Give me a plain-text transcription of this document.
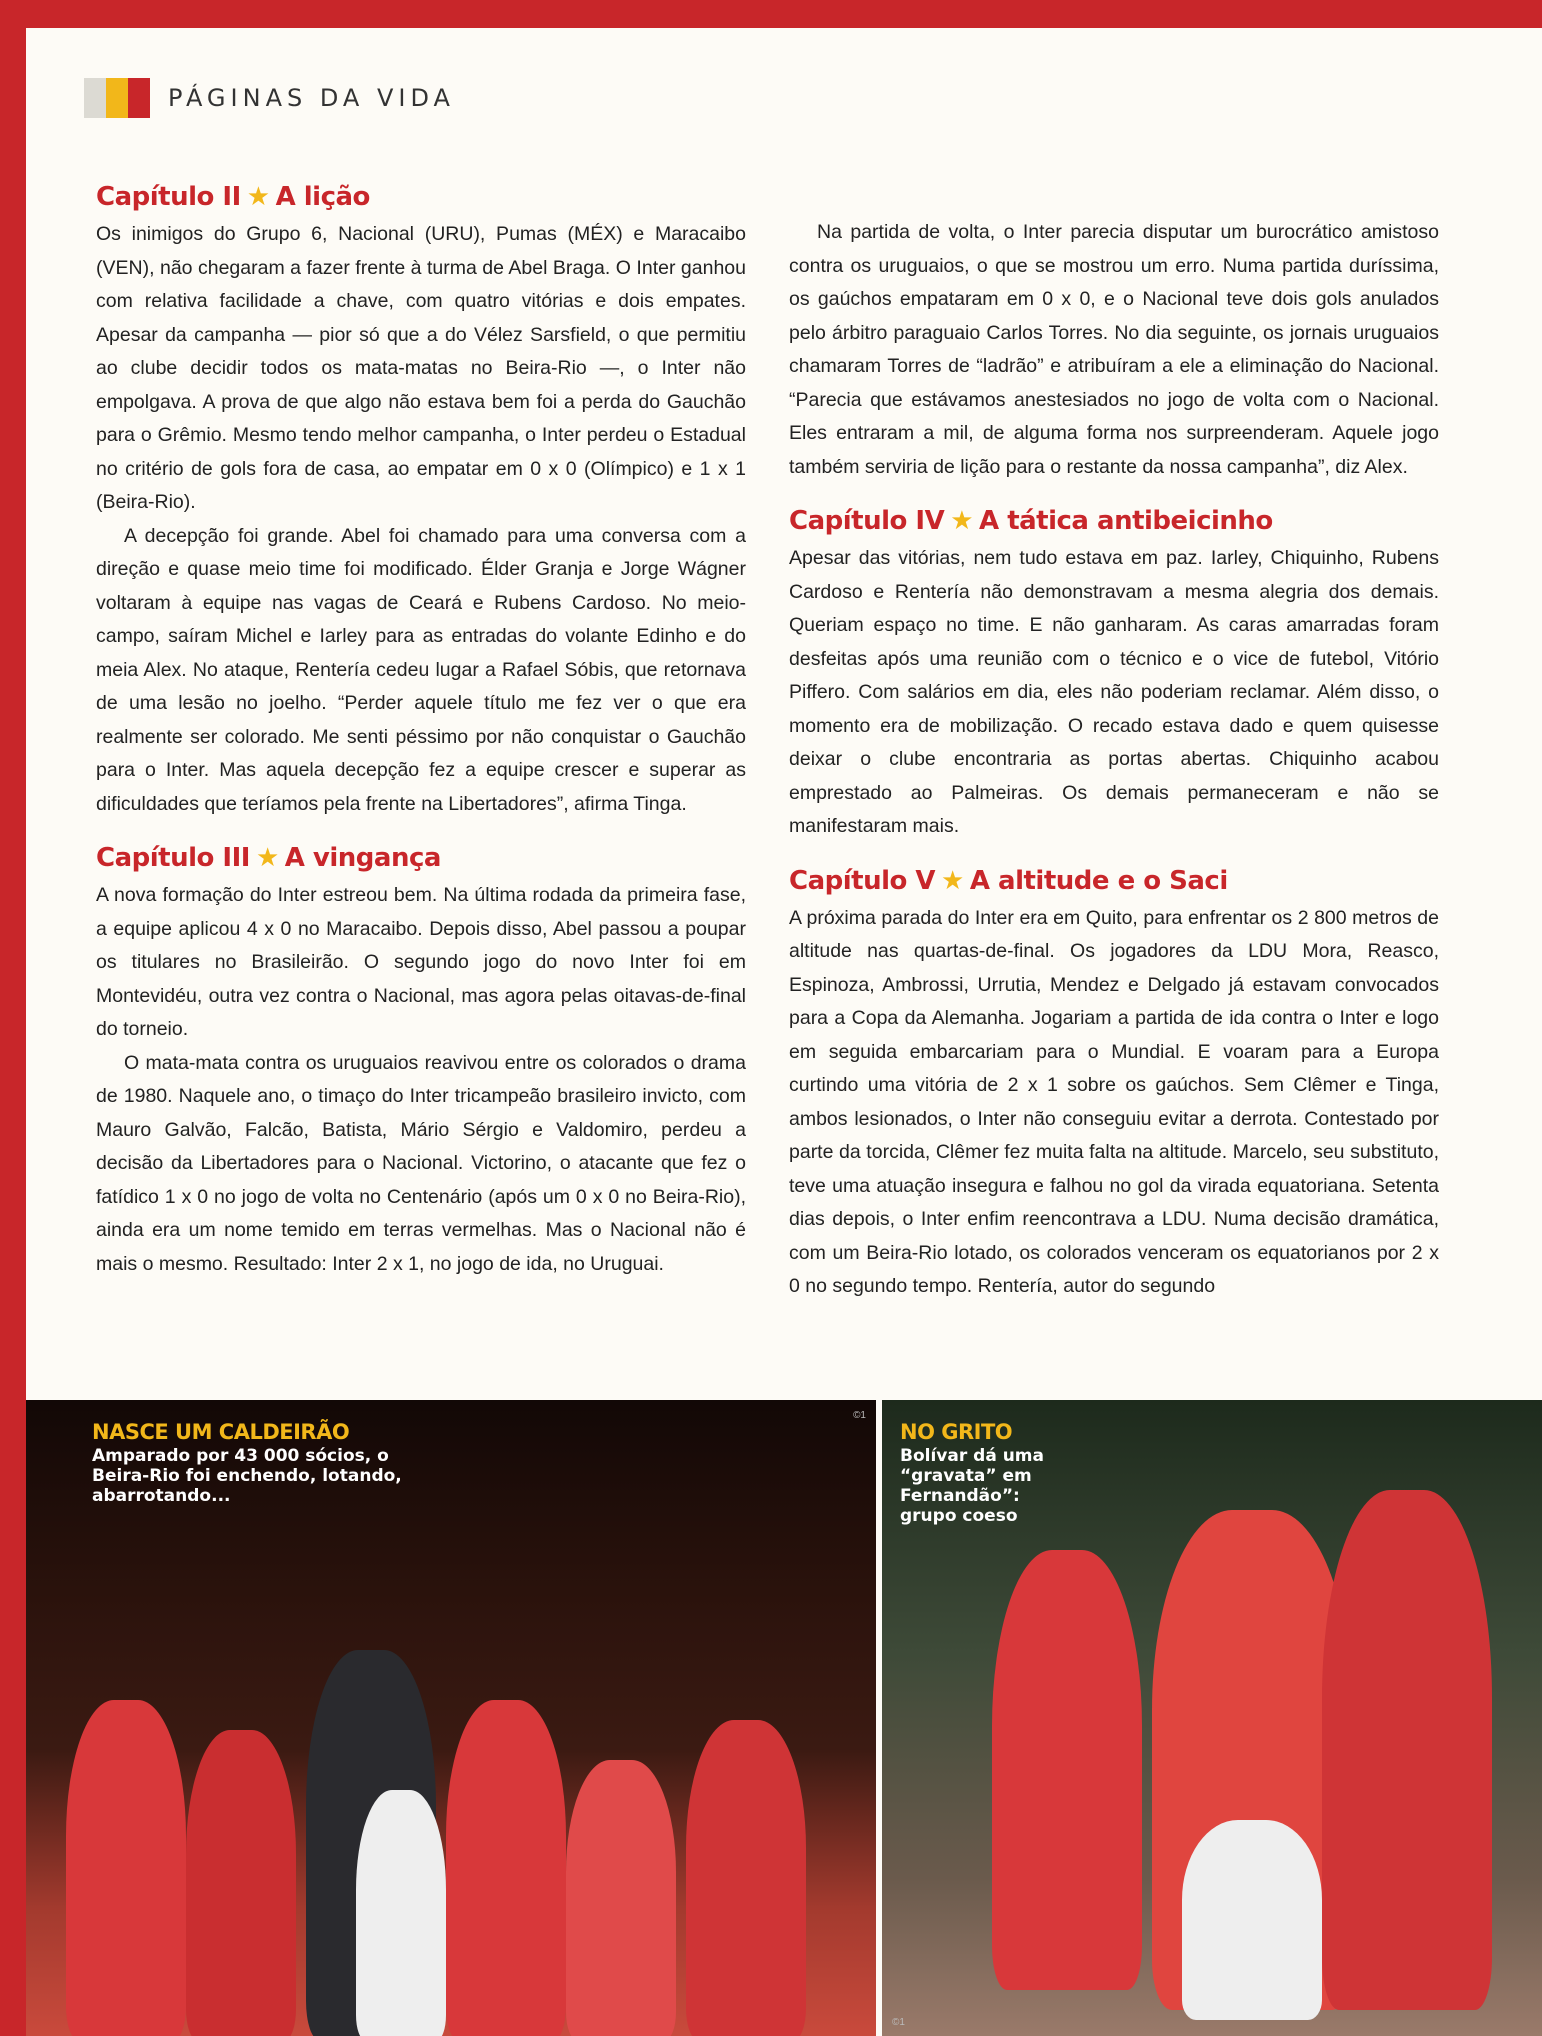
PÁGINAS DA VIDA
Capítulo II ★ A lição

Os inimigos do Grupo 6, Nacional (URU), Pumas (MÉX) e Maracaibo (VEN), não chegaram a fazer frente à turma de Abel Braga. O Inter ganhou com relativa facilidade a chave, com quatro vitórias e dois empates. Apesar da campanha — pior só que a do Vélez Sarsfield, o que permitiu ao clube decidir todos os mata-matas no Beira-Rio —, o Inter não empolgava. A prova de que algo não estava bem foi a perda do Gauchão para o Grêmio. Mesmo tendo melhor campanha, o Inter perdeu o Estadual no critério de gols fora de casa, ao empatar em 0 x 0 (Olímpico) e 1 x 1 (Beira-Rio).

A decepção foi grande. Abel foi chamado para uma conversa com a direção e quase meio time foi modificado. Élder Granja e Jorge Wágner voltaram à equipe nas vagas de Ceará e Rubens Cardoso. No meio-campo, saíram Michel e Iarley para as entradas do volante Edinho e do meia Alex. No ataque, Rentería cedeu lugar a Rafael Sóbis, que retornava de uma lesão no joelho. “Perder aquele título me fez ver o que era realmente ser colorado. Me senti péssimo por não conquistar o Gauchão para o Inter. Mas aquela decepção fez a equipe crescer e superar as dificuldades que teríamos pela frente na Libertadores”, afirma Tinga.

Capítulo III ★ A vingança

A nova formação do Inter estreou bem. Na última rodada da primeira fase, a equipe aplicou 4 x 0 no Maracaibo. Depois disso, Abel passou a poupar os titulares no Brasileirão. O segundo jogo do novo Inter foi em Montevidéu, outra vez contra o Nacional, mas agora pelas oitavas-de-final do torneio.

O mata-mata contra os uruguaios reavivou entre os colorados o drama de 1980. Naquele ano, o timaço do Inter tricampeão brasileiro invicto, com Mauro Galvão, Falcão, Batista, Mário Sérgio e Valdomiro, perdeu a decisão da Libertadores para o Nacional. Victorino, o atacante que fez o fatídico 1 x 0 no jogo de volta no Centenário (após um 0 x 0 no Beira-Rio), ainda era um nome temido em terras vermelhas. Mas o Nacional não é mais o mesmo. Resultado: Inter 2 x 1, no jogo de ida, no Uruguai.

Na partida de volta, o Inter parecia disputar um burocrático amistoso contra os uruguaios, o que se mostrou um erro. Numa partida duríssima, os gaúchos empataram em 0 x 0, e o Nacional teve dois gols anulados pelo árbitro paraguaio Carlos Torres. No dia seguinte, os jornais uruguaios chamaram Torres de “ladrão” e atribuíram a ele a eliminação do Nacional. “Parecia que estávamos anestesiados no jogo de volta com o Nacional. Eles entraram a mil, de alguma forma nos surpreenderam. Aquele jogo também serviria de lição para o restante da nossa campanha”, diz Alex.

Capítulo IV ★ A tática antibeicinho

Apesar das vitórias, nem tudo estava em paz. Iarley, Chiquinho, Rubens Cardoso e Rentería não demonstravam a mesma alegria dos demais. Queriam espaço no time. E não ganharam. As caras amarradas foram desfeitas após uma reunião com o técnico e o vice de futebol, Vitório Piffero. Com salários em dia, eles não poderiam reclamar. Além disso, o momento era de mobilização. O recado estava dado e quem quisesse deixar o clube encontraria as portas abertas. Chiquinho acabou emprestado ao Palmeiras. Os demais permaneceram e não se manifestaram mais.

Capítulo V ★ A altitude e o Saci

A próxima parada do Inter era em Quito, para enfrentar os 2 800 metros de altitude nas quartas-de-final. Os jogadores da LDU Mora, Reasco, Espinoza, Ambrossi, Urrutia, Mendez e Delgado já estavam convocados para a Copa da Alemanha. Jogariam a partida de ida contra o Inter e logo em seguida embarcariam para o Mundial. E voaram para a Europa curtindo uma vitória de 2 x 1 sobre os gaúchos. Sem Clêmer e Tinga, ambos lesionados, o Inter não conseguiu evitar a derrota. Contestado por parte da torcida, Clêmer fez muita falta na altitude. Marcelo, seu substituto, teve uma atuação insegura e falhou no gol da virada equatoriana. Setenta dias depois, o Inter enfim reencontrava a LDU. Numa decisão dramática, com um Beira-Rio lotado, os colorados venceram os equatorianos por 2 x 0 no segundo tempo. Rentería, autor do segundo

NASCE UM CALDEIRÃO
Amparado por 43 000 sócios, o
Beira-Rio foi enchendo, lotando,
abarrotando...
©1
NO GRITO
Bolívar dá uma
“gravata” em
Fernandão”:
grupo coeso
©1
